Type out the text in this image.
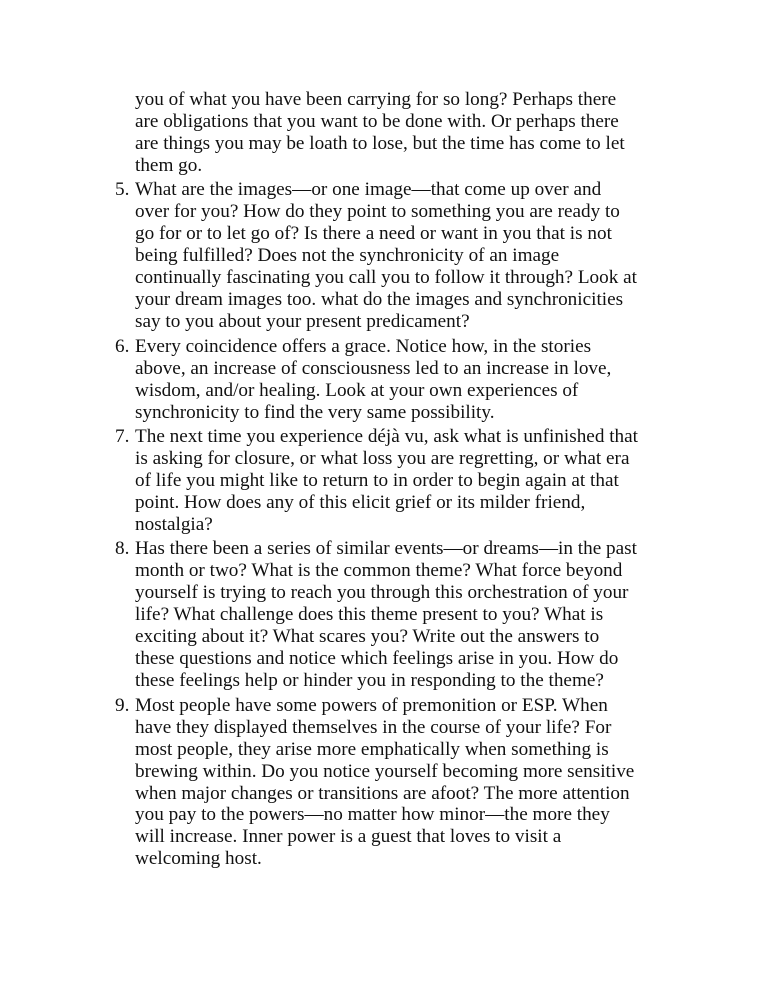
you of what you have been carrying for so long? Perhaps there are obligations that you want to be done with. Or perhaps there are things you may be loath to lose, but the time has come to let them go.

5. What are the images—or one image—that come up over and over for you? How do they point to something you are ready to go for or to let go of? Is there a need or want in you that is not being fulfilled? Does not the synchronicity of an image continually fascinating you call you to follow it through? Look at your dream images too. what do the images and synchronicities say to you about your present predicament?

6. Every coincidence offers a grace. Notice how, in the stories above, an increase of consciousness led to an increase in love, wisdom, and/or healing. Look at your own experiences of synchronicity to find the very same possibility.

7. The next time you experience déjà vu, ask what is unfinished that is asking for closure, or what loss you are regretting, or what era of life you might like to return to in order to begin again at that point. How does any of this elicit grief or its milder friend, nostalgia?

8. Has there been a series of similar events—or dreams—in the past month or two? What is the common theme? What force beyond yourself is trying to reach you through this orchestration of your life? What challenge does this theme present to you? What is exciting about it? What scares you? Write out the answers to these questions and notice which feelings arise in you. How do these feelings help or hinder you in responding to the theme?

9. Most people have some powers of premonition or ESP. When have they displayed themselves in the course of your life? For most people, they arise more emphatically when something is brewing within. Do you notice yourself becoming more sensitive when major changes or transitions are afoot? The more attention you pay to the powers—no matter how minor—the more they will increase. Inner power is a guest that loves to visit a welcoming host.
